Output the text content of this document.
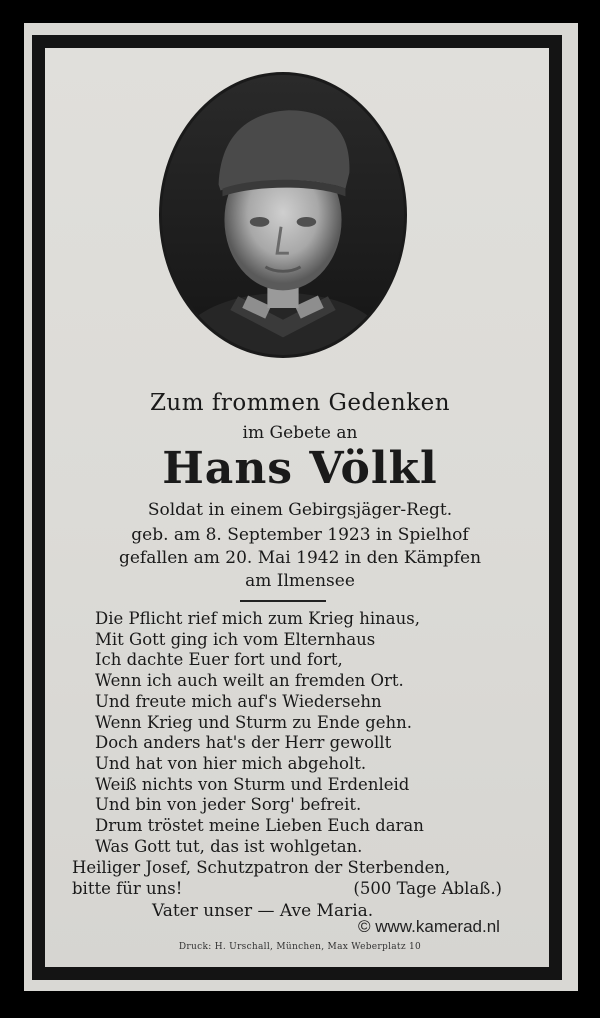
Zum frommen Gedenken
im Gebete an
Hans Völkl
Soldat in einem Gebirgsjäger-Regt.
geb. am 8. September 1923 in Spielhof
gefallen am 20. Mai 1942 in den Kämpfen
am Ilmensee
Die Pflicht rief mich zum Krieg hinaus,
Mit Gott ging ich vom Elternhaus
Ich dachte Euer fort und fort,
Wenn ich auch weilt an fremden Ort.
Und freute mich auf's Wiedersehn
Wenn Krieg und Sturm zu Ende gehn.
Doch anders hat's der Herr gewollt
Und hat von hier mich abgeholt.
Weiß nichts von Sturm und Erdenleid
Und bin von jeder Sorg' befreit.
Drum tröstet meine Lieben Euch daran
Was Gott tut, das ist wohlgetan.
Heiliger Josef, Schutzpatron der Sterbenden,
bitte für uns!	(500 Tage Ablaß.)
Vater unser — Ave Maria.
© www.kamerad.nl
Druck: H. Urschall, München, Max Weberplatz 10
